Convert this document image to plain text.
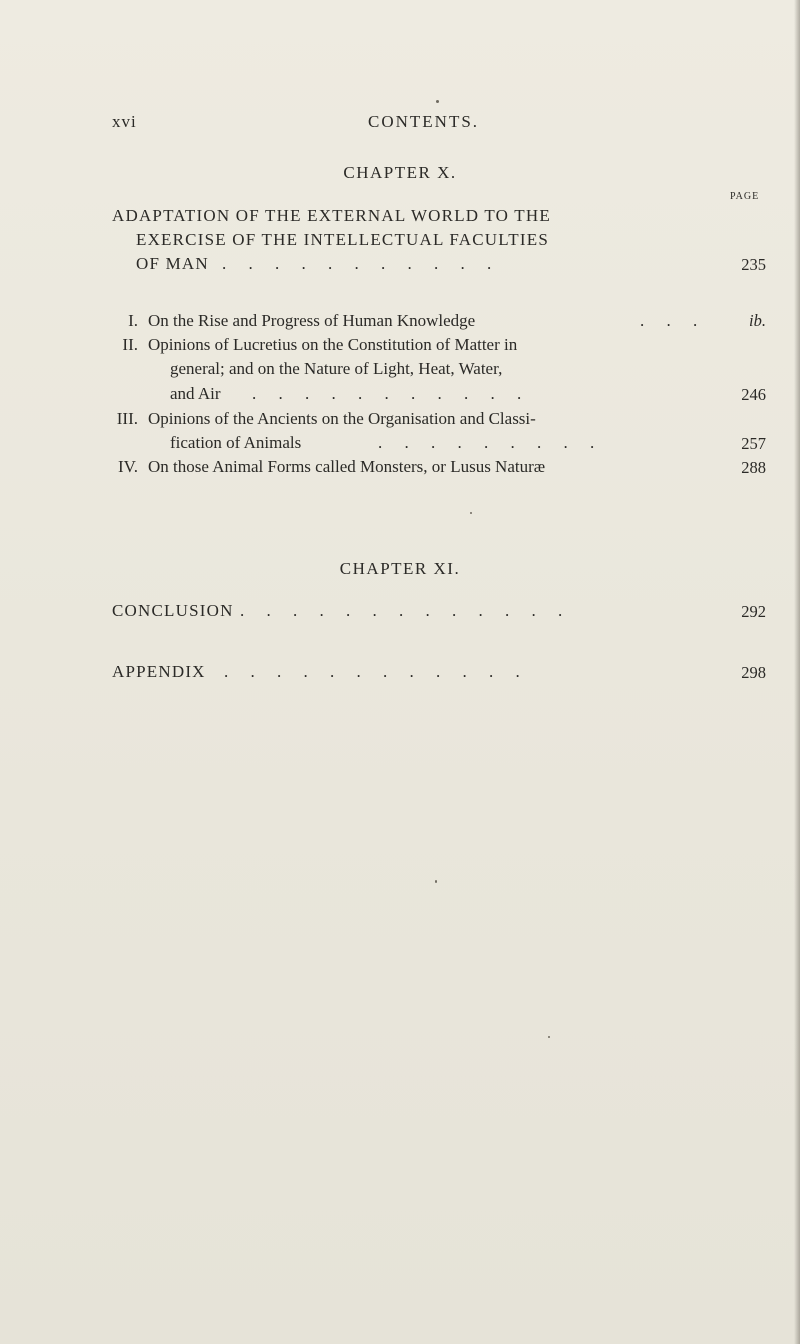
xvi	CONTENTS.
CHAPTER X.
PAGE
ADAPTATION OF THE EXTERNAL WORLD TO THE
EXERCISE OF THE INTELLECTUAL FACULTIES
OF MAN . . . . . . . . . . .	235
I. On the Rise and Progress of Human Knowledge	. . .	ib.
II. Opinions of Lucretius on the Constitution of Matter in
general; and on the Nature of Light, Heat, Water,
and Air . . . . . . . . . . .	246
III. Opinions of the Ancients on the Organisation and Classi-
fication of Animals	. . . . . . . . .	257
IV. On those Animal Forms called Monsters, or Lusus Naturæ	288
CHAPTER XI.
CONCLUSION . . . . . . . . . . . . .	292
APPENDIX . . . . . . . . . . . .	298
